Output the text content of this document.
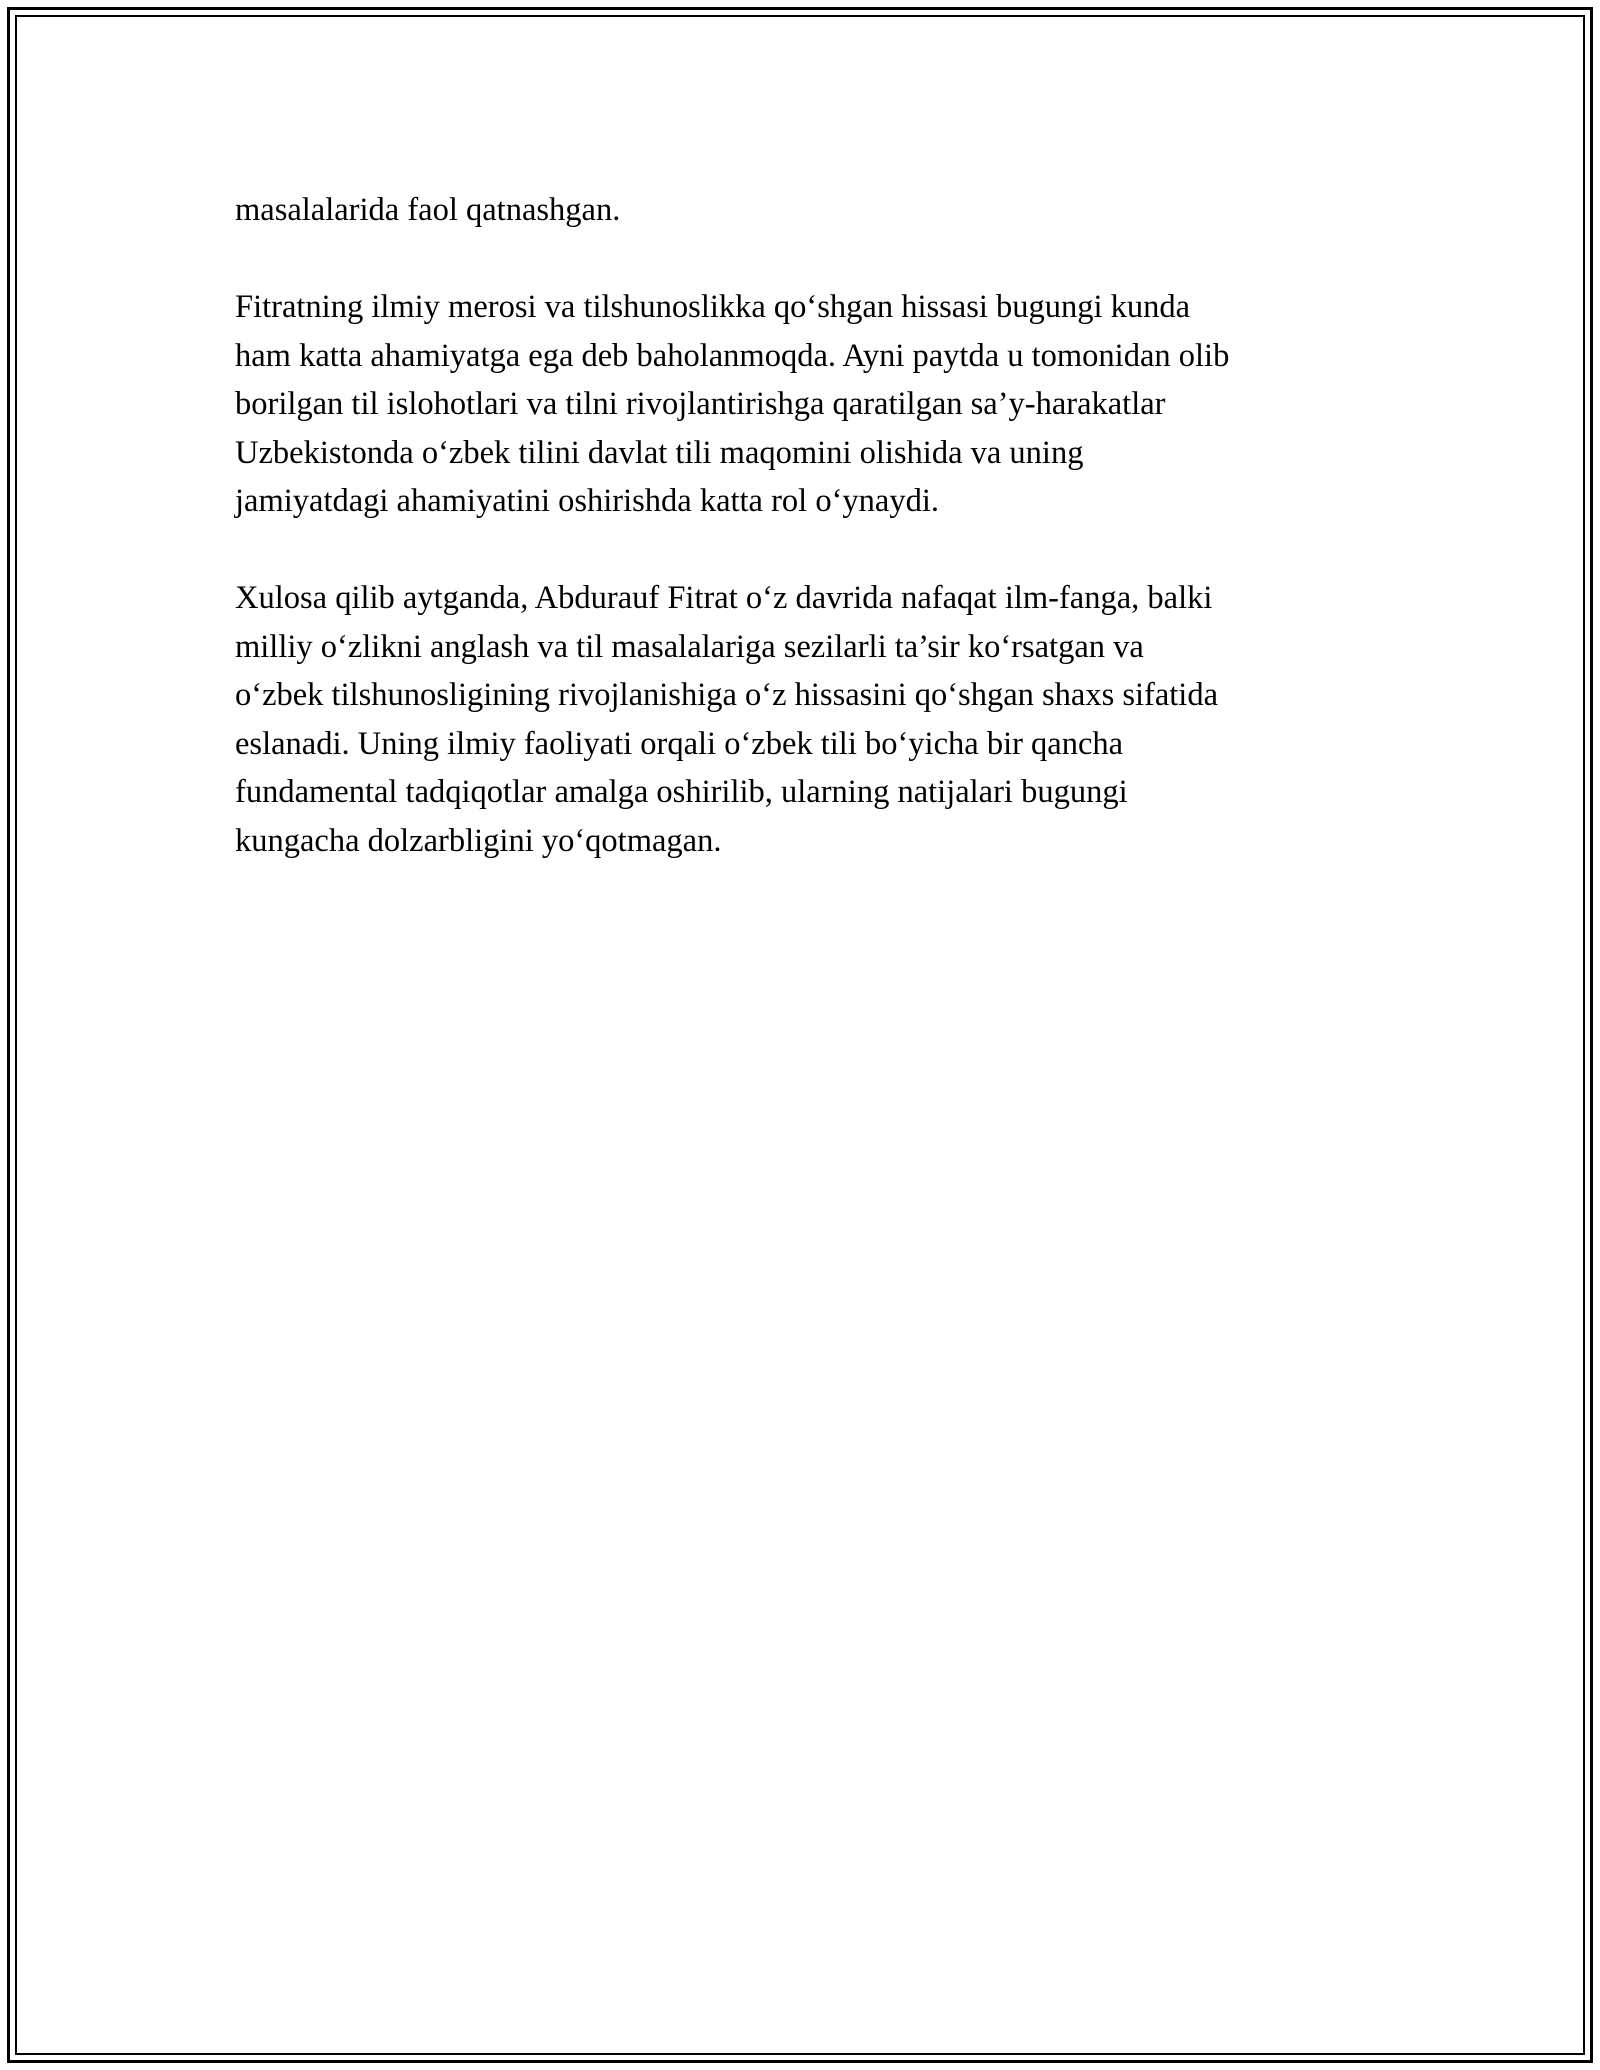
masalalarida faol qatnashgan.

Fitratning ilmiy merosi va tilshunoslikka qo‘shgan hissasi bugungi kunda
ham katta ahamiyatga ega deb baholanmoqda. Ayni paytda u tomonidan olib
borilgan til islohotlari va tilni rivojlantirishga qaratilgan sa’y-harakatlar
Uzbekistonda o‘zbek tilini davlat tili maqomini olishida va uning
jamiyatdagi ahamiyatini oshirishda katta rol o‘ynaydi.

Xulosa qilib aytganda, Abdurauf Fitrat o‘z davrida nafaqat ilm-fanga, balki
milliy o‘zlikni anglash va til masalalariga sezilarli ta’sir ko‘rsatgan va
o‘zbek tilshunosligining rivojlanishiga o‘z hissasini qo‘shgan shaxs sifatida
eslanadi. Uning ilmiy faoliyati orqali o‘zbek tili bo‘yicha bir qancha
fundamental tadqiqotlar amalga oshirilib, ularning natijalari bugungi
kungacha dolzarbligini yo‘qotmagan.
